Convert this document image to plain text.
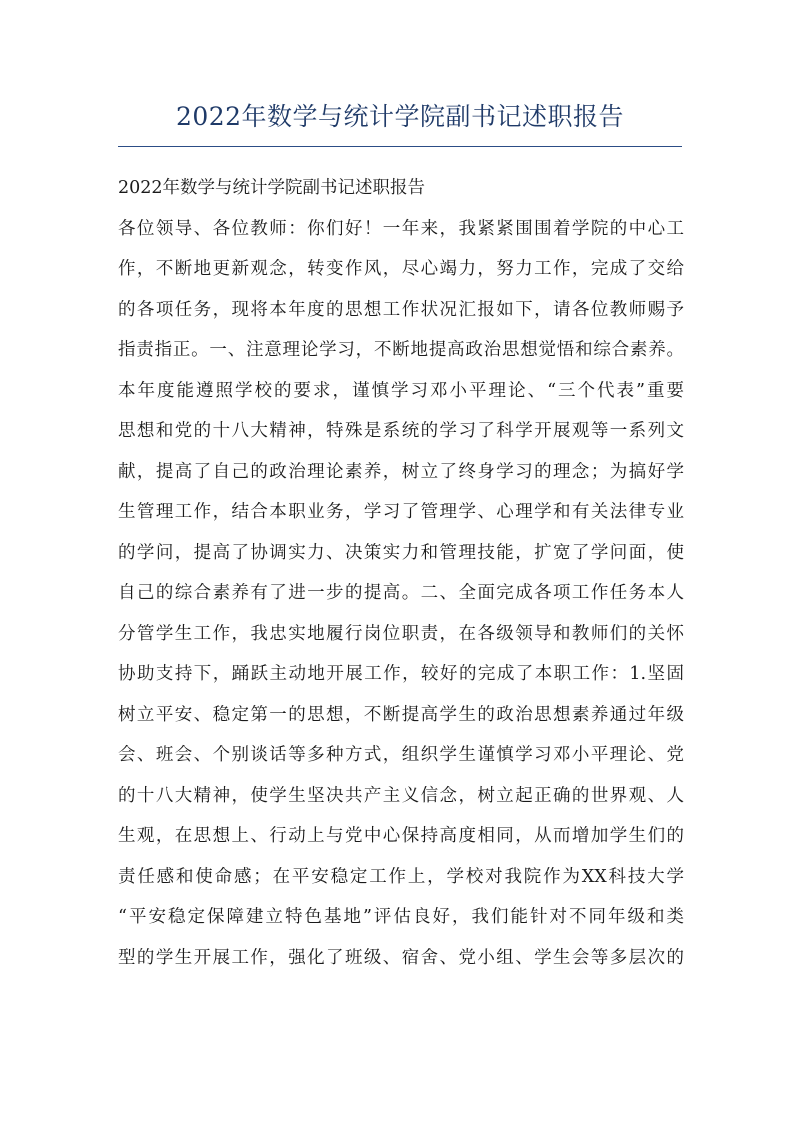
2022年数学与统计学院副书记述职报告
2022年数学与统计学院副书记述职报告
各位领导、各位教师：你们好！一年来，我紧紧围围着学院的中心工
作，不断地更新观念，转变作风，尽心竭力，努力工作，完成了交给
的各项任务，现将本年度的思想工作状况汇报如下，请各位教师赐予
指责指正。一、注意理论学习，不断地提高政治思想觉悟和综合素养。
本年度能遵照学校的要求，谨慎学习邓小平理论、“三个代表”重要
思想和党的十八大精神，特殊是系统的学习了科学开展观等一系列文
献，提高了自己的政治理论素养，树立了终身学习的理念；为搞好学
生管理工作，结合本职业务，学习了管理学、心理学和有关法律专业
的学问，提高了协调实力、决策实力和管理技能，扩宽了学问面，使
自己的综合素养有了进一步的提高。二、全面完成各项工作任务本人
分管学生工作，我忠实地履行岗位职责，在各级领导和教师们的关怀
协助支持下，踊跃主动地开展工作，较好的完成了本职工作：1.坚固
树立平安、稳定第一的思想，不断提高学生的政治思想素养通过年级
会、班会、个别谈话等多种方式，组织学生谨慎学习邓小平理论、党
的十八大精神，使学生坚决共产主义信念，树立起正确的世界观、人
生观，在思想上、行动上与党中心保持高度相同，从而增加学生们的
责任感和使命感；在平安稳定工作上，学校对我院作为XX科技大学
“平安稳定保障建立特色基地”评估良好，我们能针对不同年级和类
型的学生开展工作，强化了班级、宿舍、党小组、学生会等多层次的
